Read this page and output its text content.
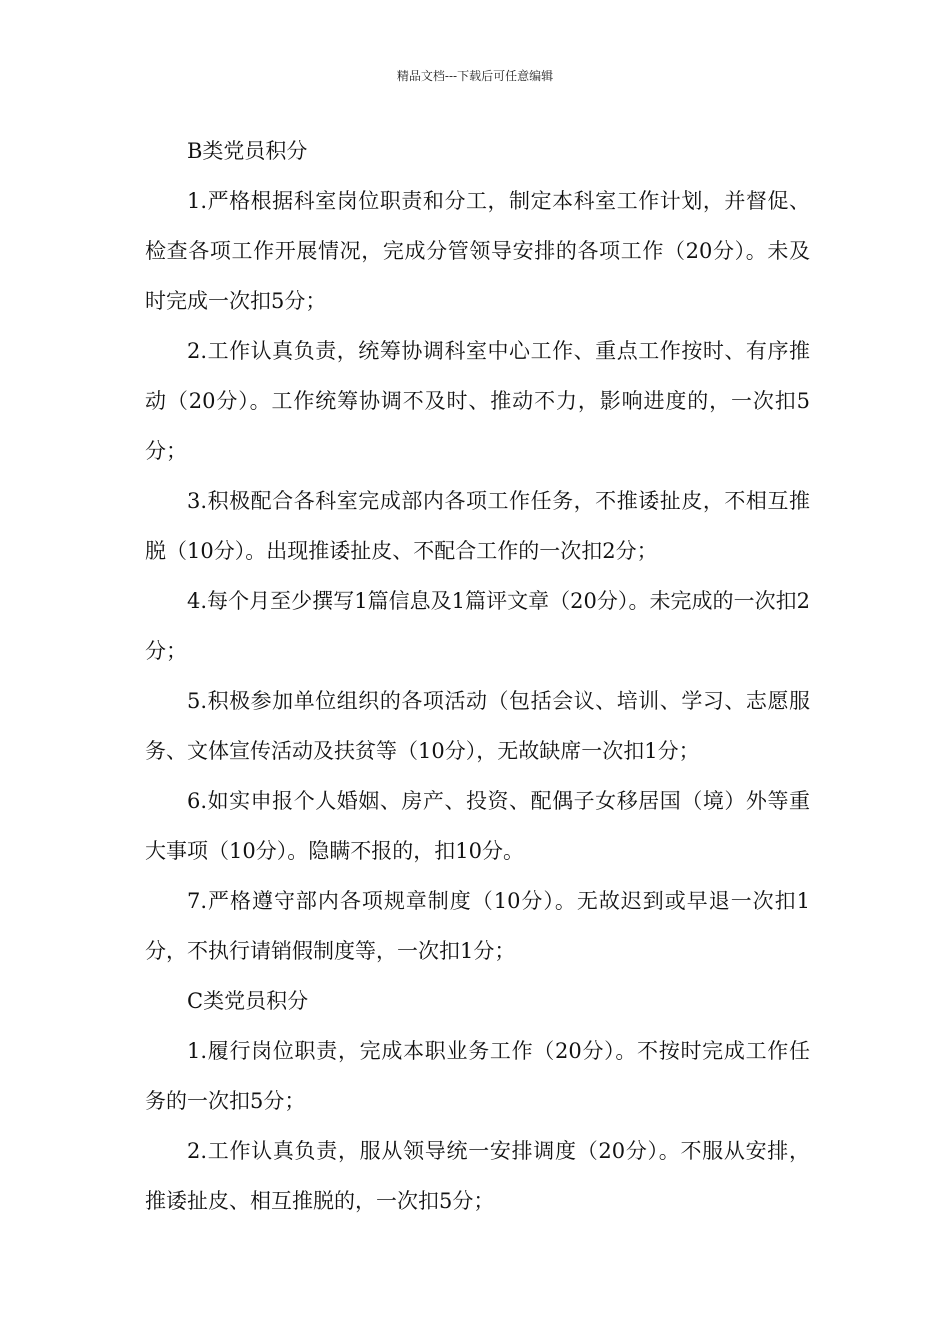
精品文档---下载后可任意编辑

B类党员积分

1.严格根据科室岗位职责和分工，制定本科室工作计划，并督促、检查各项工作开展情况，完成分管领导安排的各项工作（20分）。未及时完成一次扣5分；

2.工作认真负责，统筹协调科室中心工作、重点工作按时、有序推动（20分）。工作统筹协调不及时、推动不力，影响进度的，一次扣5分；

3.积极配合各科室完成部内各项工作任务，不推诿扯皮，不相互推脱（10分）。出现推诿扯皮、不配合工作的一次扣2分；

4.每个月至少撰写1篇信息及1篇评文章（20分）。未完成的一次扣2分；

5.积极参加单位组织的各项活动（包括会议、培训、学习、志愿服务、文体宣传活动及扶贫等（10分），无故缺席一次扣1分；

6.如实申报个人婚姻、房产、投资、配偶子女移居国（境）外等重大事项（10分）。隐瞒不报的，扣10分。

7.严格遵守部内各项规章制度（10分）。无故迟到或早退一次扣1分，不执行请销假制度等，一次扣1分；

C类党员积分

1.履行岗位职责，完成本职业务工作（20分）。不按时完成工作任务的一次扣5分；

2.工作认真负责，服从领导统一安排调度（20分）。不服从安排，推诿扯皮、相互推脱的，一次扣5分；
